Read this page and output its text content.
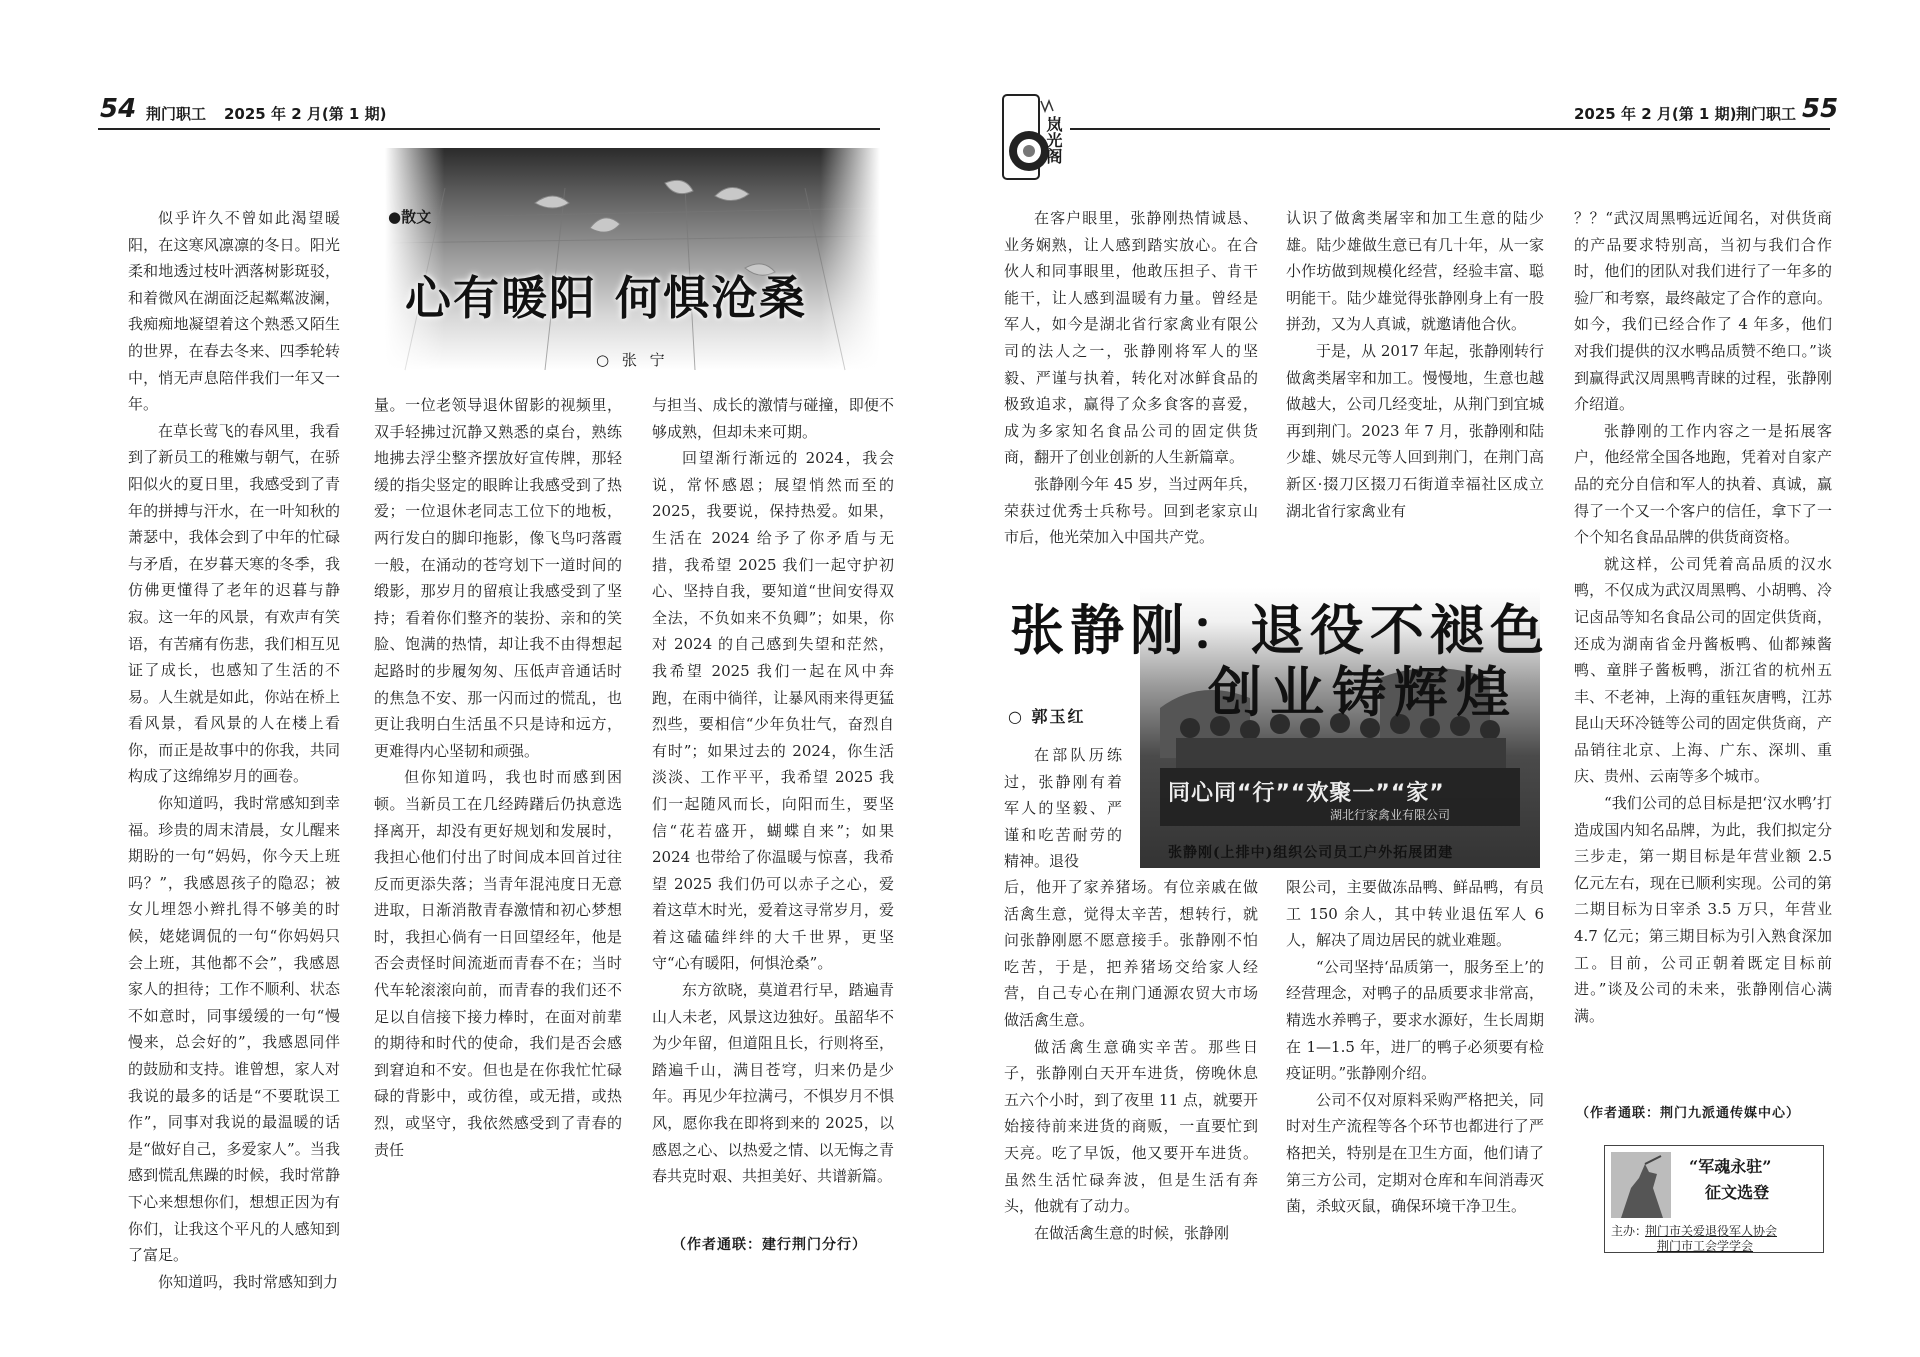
54 荆门职工 2025 年 2 月(第 1 期)
●散文
心有暖阳 何惧沧桑
○ 张 宁

似乎许久不曾如此渴望暖阳，在这寒风凛凛的冬日。阳光柔和地透过枝叶洒落树影斑驳，和着微风在湖面泛起粼粼波澜，我痴痴地凝望着这个熟悉又陌生的世界，在春去冬来、四季轮转中，悄无声息陪伴我们一年又一年。

在草长莺飞的春风里，我看到了新员工的稚嫩与朝气，在骄阳似火的夏日里，我感受到了青年的拼搏与汗水，在一叶知秋的萧瑟中，我体会到了中年的忙碌与矛盾，在岁暮天寒的冬季，我仿佛更懂得了老年的迟暮与静寂。这一年的风景，有欢声有笑语，有苦痛有伤悲，我们相互见证了成长，也感知了生活的不易。人生就是如此，你站在桥上看风景，看风景的人在楼上看你，而正是故事中的你我，共同构成了这绵绵岁月的画卷。

你知道吗，我时常感知到幸福。珍贵的周末清晨，女儿醒来期盼的一句“妈妈，你今天上班吗？”，我感恩孩子的隐忍；被女儿埋怨小辫扎得不够美的时候，姥姥调侃的一句“你妈妈只会上班，其他都不会”，我感恩家人的担待；工作不顺利、状态不如意时，同事缓缓的一句“慢慢来，总会好的”，我感恩同伴的鼓励和支持。谁曾想，家人对我说的最多的话是“不要耽误工作”，同事对我说的最温暖的话是“做好自己，多爱家人”。当我感到慌乱焦躁的时候，我时常静下心来想想你们，想想正因为有你们，让我这个平凡的人感知到了富足。

你知道吗，我时常感知到力

量。一位老领导退休留影的视频里，双手轻拂过沉静又熟悉的桌台，熟练地拂去浮尘整齐摆放好宣传牌，那轻缓的指尖竖定的眼眸让我感受到了热爱；一位退休老同志工位下的地板，两行发白的脚印拖影，像飞鸟叼落霞一般，在涌动的苍穹划下一道时间的缎影，那岁月的留痕让我感受到了坚持；看着你们整齐的装扮、亲和的笑脸、饱满的热情，却让我不由得想起起路时的步履匆匆、压低声音通话时的焦急不安、那一闪而过的慌乱，也更让我明白生活虽不只是诗和远方，更难得内心坚韧和顽强。

但你知道吗，我也时而感到困顿。当新员工在几经踌躇后仍执意选择离开，却没有更好规划和发展时，我担心他们付出了时间成本回首过往反而更添失落；当青年混沌度日无意进取，日渐消散青春激情和初心梦想时，我担心倘有一日回望经年，他是否会责怪时间流逝而青春不在；当时代车轮滚滚向前，而青春的我们还不足以自信接下接力棒时，在面对前辈的期待和时代的使命，我们是否会感到窘迫和不安。但也是在你我忙忙碌碌的背影中，或彷徨，或无措，或热烈，或坚守，我依然感受到了青春的责任

与担当、成长的激情与碰撞，即便不够成熟，但却未来可期。

回望渐行渐远的 2024，我会说，常怀感恩；展望悄然而至的 2025，我要说，保持热爱。如果，生活在 2024 给予了你矛盾与无措，我希望 2025 我们一起守护初心、坚持自我，要知道“世间安得双全法，不负如来不负卿”；如果，你对 2024 的自己感到失望和茫然，我希望 2025 我们一起在风中奔跑，在雨中徜徉，让暴风雨来得更猛烈些，要相信“少年负壮气，奋烈自有时”；如果过去的 2024，你生活淡淡、工作平平，我希望 2025 我们一起随风而长，向阳而生，要坚信“花若盛开，蝴蝶自来”；如果 2024 也带给了你温暖与惊喜，我希望 2025 我们仍可以赤子之心，爱着这草木时光，爱着这寻常岁月，爱着这磕磕绊绊的大千世界，更坚守“心有暖阳，何惧沧桑”。

东方欲晓，莫道君行早，踏遍青山人未老，风景这边独好。虽韶华不为少年留，但道阻且长，行则将至，踏遍千山，满目苍穹，归来仍是少年。再见少年拉满弓，不惧岁月不惧风，愿你我在即将到来的 2025，以感恩之心、以热爱之情、以无悔之青春共克时艰、共担美好、共谱新篇。

（作者通联：建行荆门分行）
岚光阁
2025 年 2 月(第 1 期) 荆门职工 55

在客户眼里，张静刚热情诚恳、业务娴熟，让人感到踏实放心。在合伙人和同事眼里，他敢压担子、肯干能干，让人感到温暖有力量。曾经是军人，如今是湖北省行家禽业有限公司的法人之一，张静刚将军人的坚毅、严谨与执着，转化对冰鲜食品的极致追求，赢得了众多食客的喜爱，成为多家知名食品公司的固定供货商，翻开了创业创新的人生新篇章。

张静刚今年 45 岁，当过两年兵，荣获过优秀士兵称号。回到老家京山市后，他光荣加入中国共产党。

认识了做禽类屠宰和加工生意的陆少雄。陆少雄做生意已有几十年，从一家小作坊做到规模化经营，经验丰富、聪明能干。陆少雄觉得张静刚身上有一股拼劲，又为人真诚，就邀请他合伙。

于是，从 2017 年起，张静刚转行做禽类屠宰和加工。慢慢地，生意也越做越大，公司几经变址，从荆门到宜城再到荆门。2023 年 7 月，张静刚和陆少雄、姚尽元等人回到荆门，在荆门高新区·掇刀区掇刀石街道幸福社区成立湖北省行家禽业有

张静刚：退役不褪色
创业铸辉煌
○ 郭玉红
同心同“行”“欢聚一”“家”
湖北行家禽业有限公司
张静刚(上排中)组织公司员工户外拓展团建

在部队历练过，张静刚有着军人的坚毅、严谨和吃苦耐劳的精神。退役

后，他开了家养猪场。有位亲戚在做活禽生意，觉得太辛苦，想转行，就问张静刚愿不愿意接手。张静刚不怕吃苦，于是，把养猪场交给家人经营，自己专心在荆门通源农贸大市场做活禽生意。

做活禽生意确实辛苦。那些日子，张静刚白天开车进货，傍晚休息五六个小时，到了夜里 11 点，就要开始接待前来进货的商贩，一直要忙到天亮。吃了早饭，他又要开车进货。虽然生活忙碌奔波，但是生活有奔头，他就有了动力。

在做活禽生意的时候，张静刚

限公司，主要做冻品鸭、鲜品鸭，有员工 150 余人，其中转业退伍军人 6 人，解决了周边居民的就业难题。

“公司坚持‘品质第一，服务至上’的经营理念，对鸭子的品质要求非常高，精选水养鸭子，要求水源好，生长周期在 1—1.5 年，进厂的鸭子必须要有检疫证明。”张静刚介绍。

公司不仅对原料采购严格把关，同时对生产流程等各个环节也都进行了严格把关，特别是在卫生方面，他们请了第三方公司，定期对仓库和车间消毒灭菌，杀蚊灭鼠，确保环境干净卫生。

？？“武汉周黑鸭远近闻名，对供货商的产品要求特别高，当初与我们合作时，他们的团队对我们进行了一年多的验厂和考察，最终敲定了合作的意向。如今，我们已经合作了 4 年多，他们对我们提供的汉水鸭品质赞不绝口。”谈到赢得武汉周黑鸭青睐的过程，张静刚介绍道。

张静刚的工作内容之一是拓展客户，他经常全国各地跑，凭着对自家产品的充分自信和军人的执着、真诚，赢得了一个又一个客户的信任，拿下了一个个知名食品品牌的供货商资格。

就这样，公司凭着高品质的汉水鸭，不仅成为武汉周黑鸭、小胡鸭、冷记卤品等知名食品公司的固定供货商，还成为湖南省金丹酱板鸭、仙都辣酱鸭、童胖子酱板鸭，浙江省的杭州五丰、不老神，上海的重钰灰唐鸭，江苏昆山天环冷链等公司的固定供货商，产品销往北京、上海、广东、深圳、重庆、贵州、云南等多个城市。

“我们公司的总目标是把‘汉水鸭’打造成国内知名品牌，为此，我们拟定分三步走，第一期目标是年营业额 2.5 亿元左右，现在已顺利实现。公司的第二期目标为日宰杀 3.5 万只，年营业 4.7 亿元；第三期目标为引入熟食深加工。目前，公司正朝着既定目标前进。”谈及公司的未来，张静刚信心满满。

（作者通联：荆门九派通传媒中心）
“军魂永驻”
征文选登
主办：
荆门市关爱退役军人协会
荆门市工会学学会
